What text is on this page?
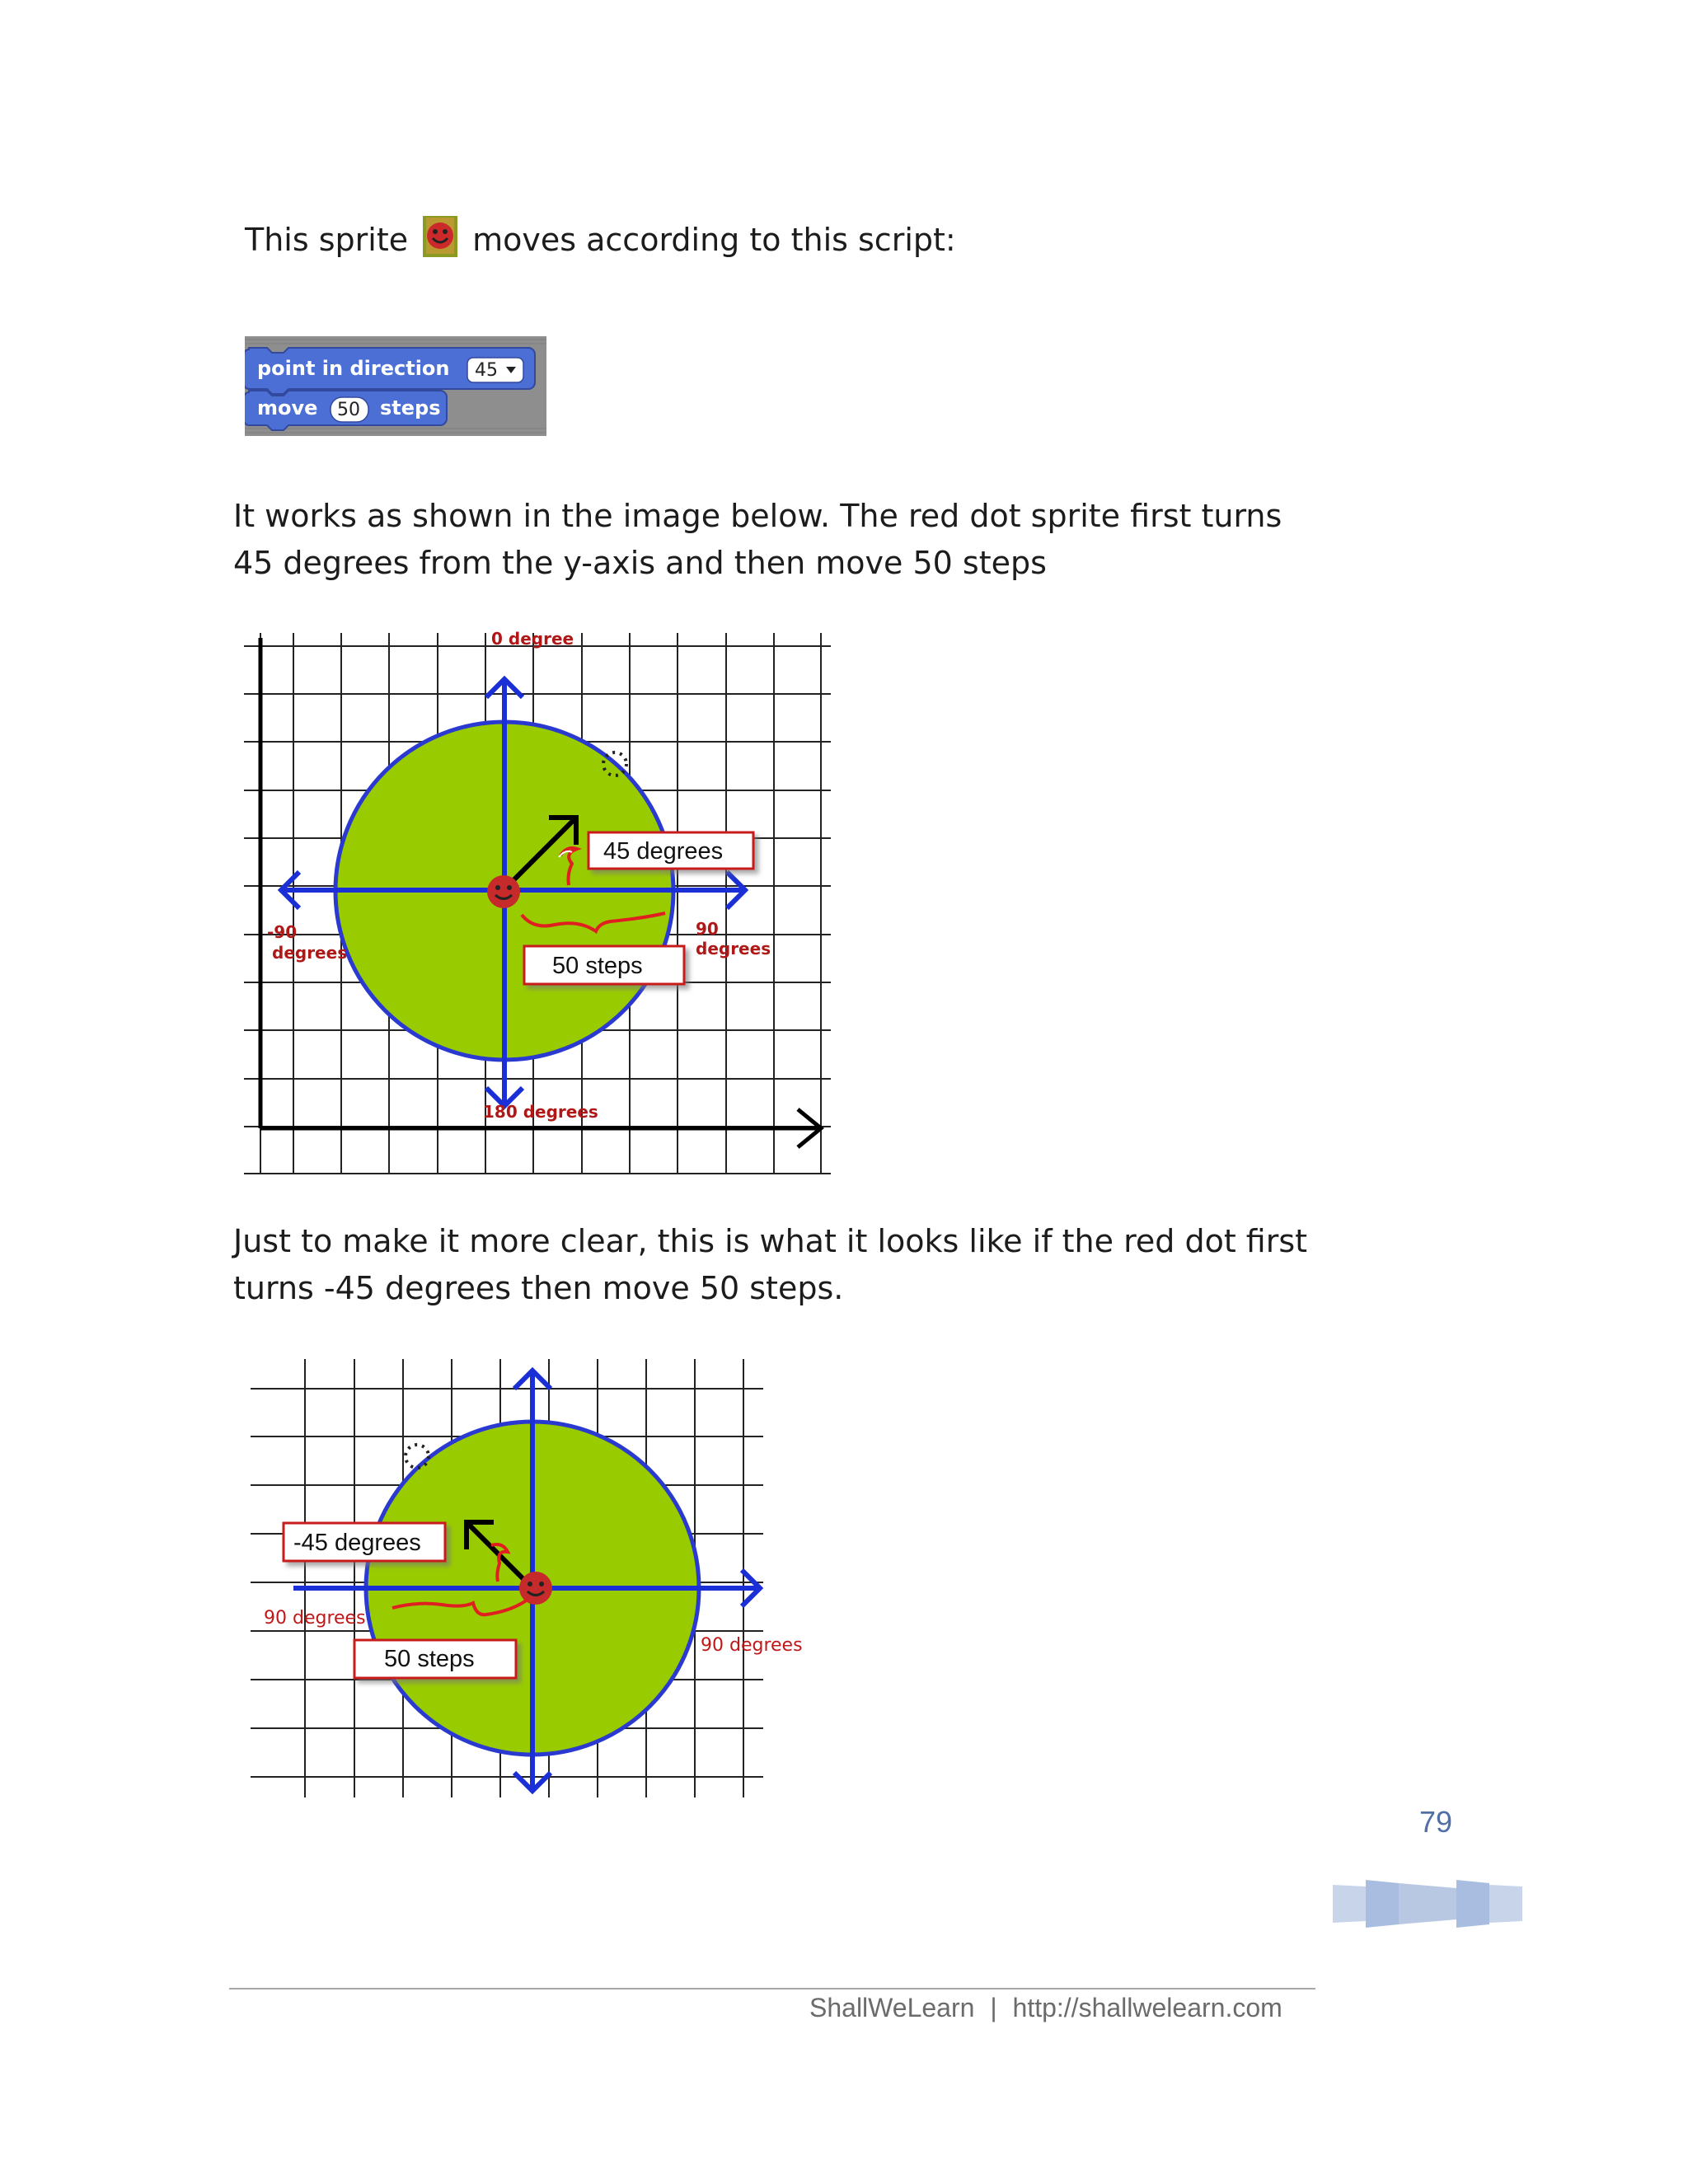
This sprite moves according to this script:

point in direction 45
move 50 steps

It works as shown in the image below. The red dot sprite first turns
45 degrees from the y-axis and then move 50 steps

0 degree
-90
degrees
90
degrees
180 degrees
45 degrees
50 steps

Just to make it more clear, this is what it looks like if the red dot first
turns -45 degrees then move 50 steps.

90 degrees
90 degrees
-45 degrees
50 steps
79
ShallWeLearn | http://shallwelearn.com
